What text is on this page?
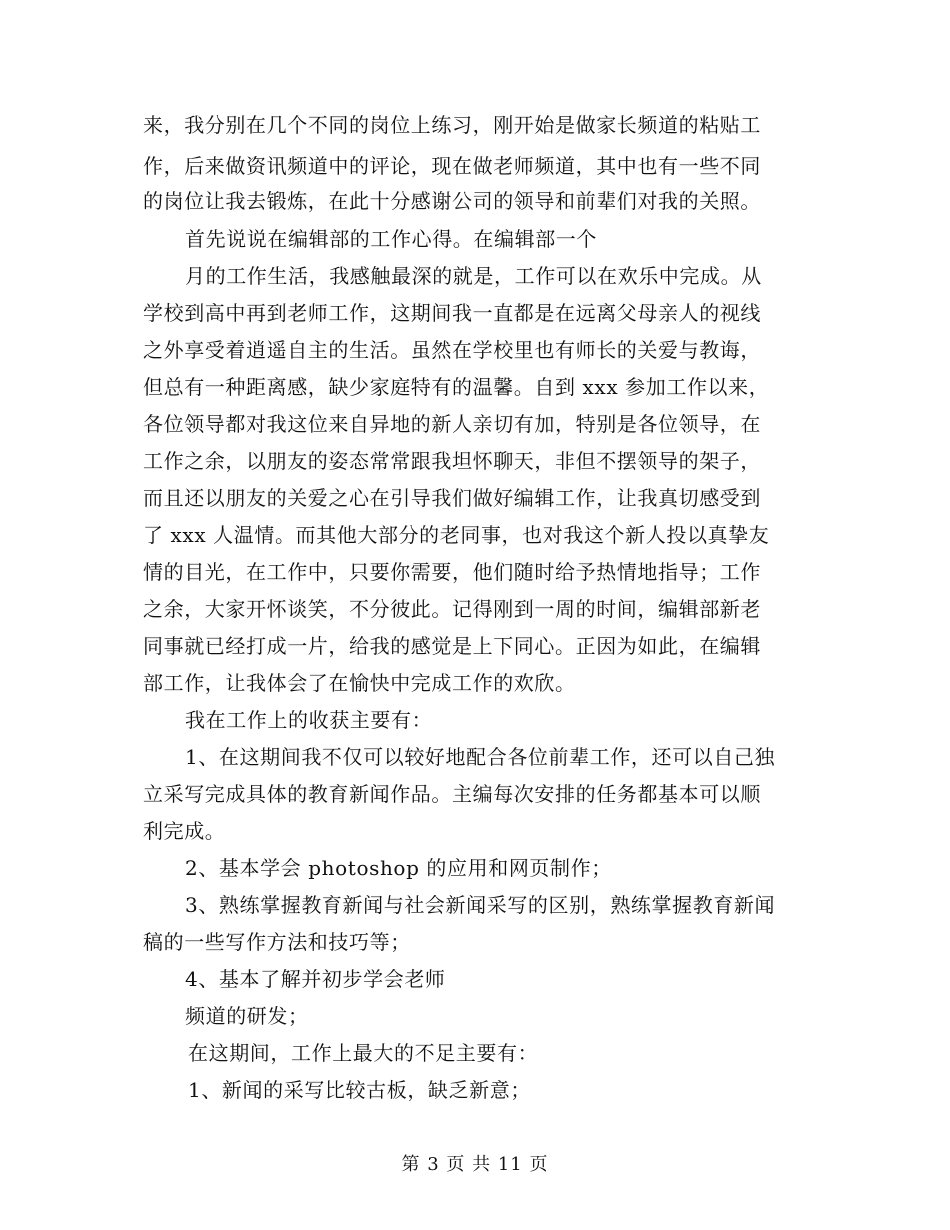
来，我分别在几个不同的岗位上练习，刚开始是做家长频道的粘贴工
作，后来做资讯频道中的评论，现在做老师频道，其中也有一些不同
的岗位让我去锻炼，在此十分感谢公司的领导和前辈们对我的关照。
首先说说在编辑部的工作心得。在编辑部一个
月的工作生活，我感触最深的就是，工作可以在欢乐中完成。从
学校到高中再到老师工作，这期间我一直都是在远离父母亲人的视线
之外享受着逍遥自主的生活。虽然在学校里也有师长的关爱与教诲，
但总有一种距离感，缺少家庭特有的温馨。自到 xxx 参加工作以来，
各位领导都对我这位来自异地的新人亲切有加，特别是各位领导，在
工作之余，以朋友的姿态常常跟我坦怀聊天，非但不摆领导的架子，
而且还以朋友的关爱之心在引导我们做好编辑工作，让我真切感受到
了 xxx 人温情。而其他大部分的老同事，也对我这个新人投以真挚友
情的目光，在工作中，只要你需要，他们随时给予热情地指导；工作
之余，大家开怀谈笑，不分彼此。记得刚到一周的时间，编辑部新老
同事就已经打成一片，给我的感觉是上下同心。正因为如此，在编辑
部工作，让我体会了在愉快中完成工作的欢欣。
我在工作上的收获主要有：
1、在这期间我不仅可以较好地配合各位前辈工作，还可以自己独
立采写完成具体的教育新闻作品。主编每次安排的任务都基本可以顺
利完成。
2、基本学会 photoshop 的应用和网页制作；
3、熟练掌握教育新闻与社会新闻采写的区别，熟练掌握教育新闻
稿的一些写作方法和技巧等；
4、基本了解并初步学会老师
频道的研发；
在这期间，工作上最大的不足主要有：
1、新闻的采写比较古板，缺乏新意；
第 3 页 共 11 页
